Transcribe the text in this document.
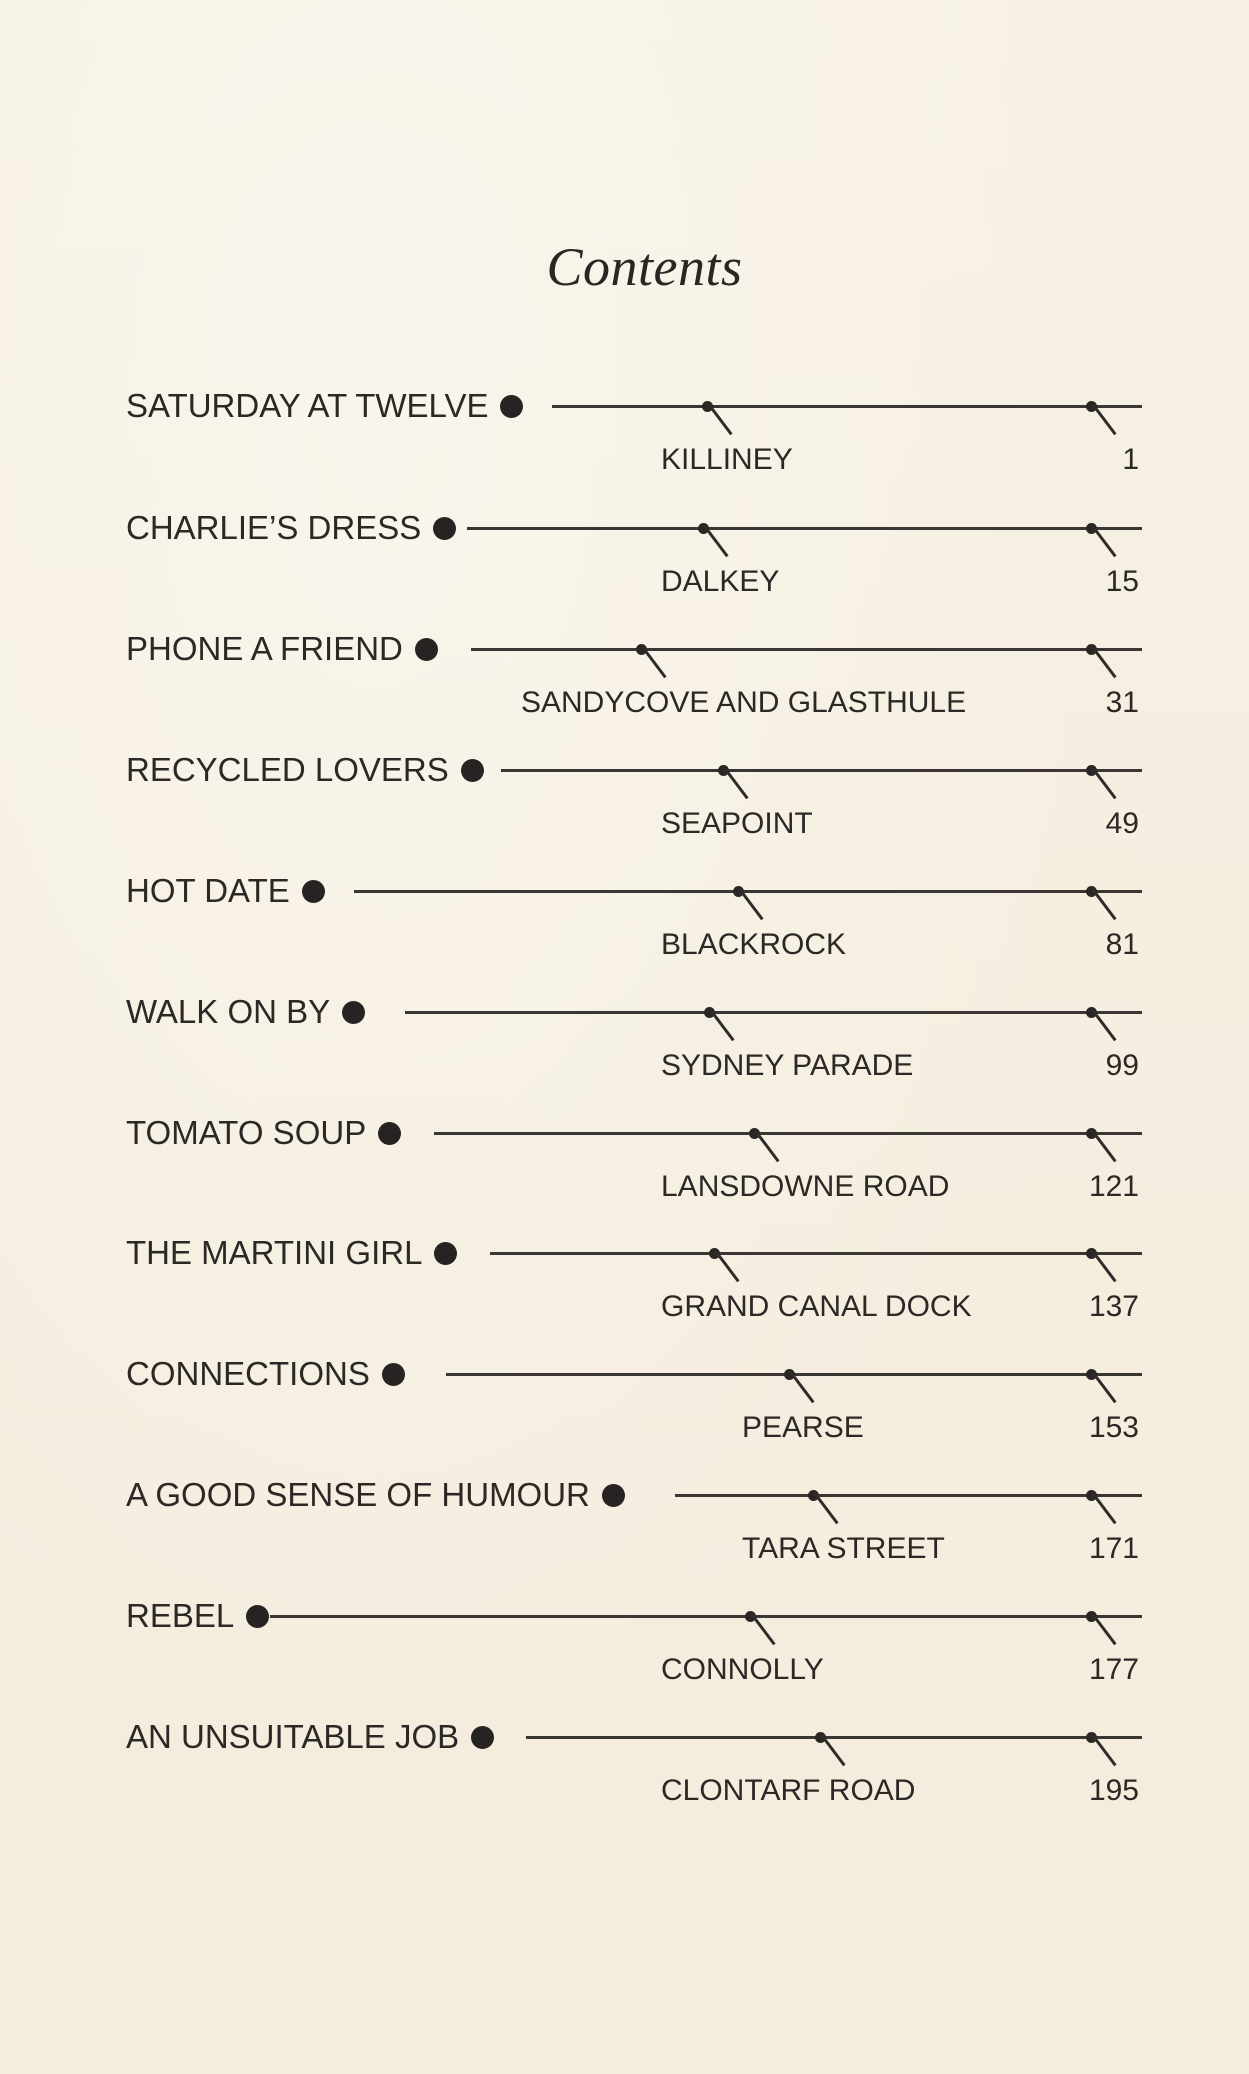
Contents
SATURDAY AT TWELVE
KILLINEY	1
CHARLIE’S DRESS
DALKEY	15
PHONE A FRIEND
SANDYCOVE AND GLASTHULE	31
RECYCLED LOVERS
SEAPOINT	49
HOT DATE
BLACKROCK	81
WALK ON BY
SYDNEY PARADE	99
TOMATO SOUP
LANSDOWNE ROAD	121
THE MARTINI GIRL
GRAND CANAL DOCK	137
CONNECTIONS
PEARSE	153
A GOOD SENSE OF HUMOUR
TARA STREET	171
REBEL
CONNOLLY	177
AN UNSUITABLE JOB
CLONTARF ROAD	195
